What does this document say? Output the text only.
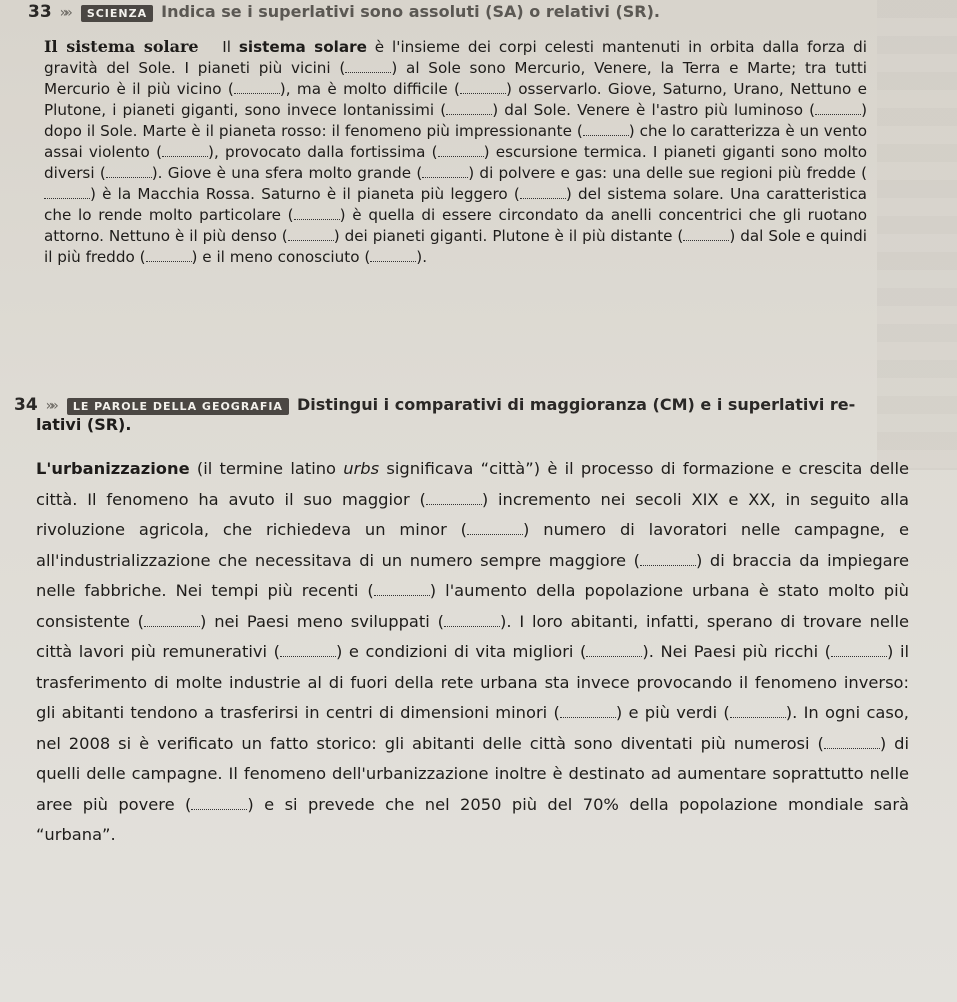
33 »»	SCIENZA Indica se i superlativi sono assoluti (SA) o relativi (SR).
Il sistema solare Il sistema solare è l'insieme dei corpi celesti mantenuti in orbita dalla forza di gravità del Sole. I pianeti più vicini (	) al Sole sono Mercurio, Venere, la Terra e Marte; tra tutti Mercurio è il più vicino (	), ma è molto difficile (	) osservarlo. Giove, Saturno, Urano, Nettuno e Plutone, i pianeti giganti, sono invece lontanissimi (	) dal Sole. Venere è l'astro più luminoso (	) dopo il Sole. Marte è il pianeta rosso: il fenomeno più impressionante (	) che lo caratterizza è un vento assai violento (	), provocato dalla fortissima (	) escursione termica. I pianeti giganti sono molto diversi (	). Giove è una sfera molto grande (	) di polvere e gas: una delle sue regioni più fredde () è la Macchia Rossa. Saturno è il pianeta più leggero (	) del sistema solare. Una caratteristica che lo rende molto particolare (	) è quella di essere circondato da anelli concentrici che gli ruotano attorno. Nettuno è il più denso (	) dei pianeti giganti. Plutone è il più distante (	) dal Sole e quindi il più freddo (	) e il meno conosciuto (	).
34 »»	LE PAROLE DELLA GEOGRAFIA Distingui i comparativi di maggioranza (CM) e i superlativi re-
lativi (SR).
L'urbanizzazione (il termine latino urbs significava “città”) è il processo di formazione e crescita delle città. Il fenomeno ha avuto il suo maggior (	) incremento nei secoli XIX e XX, in seguito alla rivoluzione agricola, che richiedeva un minor (	) numero di lavoratori nelle campagne, e all'industrializzazione che necessitava di un numero sempre maggiore (	) di braccia da impiegare nelle fabbriche. Nei tempi più recenti (	) l'aumento della popolazione urbana è stato molto più consistente (	) nei Paesi meno sviluppati (	). I loro abitanti, infatti, sperano di trovare nelle città lavori più remunerativi (	) e condizioni di vita migliori (	). Nei Paesi più ricchi (	) il trasferimento di molte industrie al di fuori della rete urbana sta invece provocando il fenomeno inverso: gli abitanti tendono a trasferirsi in centri di dimensioni minori (	) e più verdi (	). In ogni caso, nel 2008 si è verificato un fatto storico: gli abitanti delle città sono diventati più numerosi (	) di quelli delle campagne. Il fenomeno dell'urbanizzazione inoltre è destinato ad aumentare soprattutto nelle aree più povere (	) e si prevede che nel 2050 più del 70% della popolazione mondiale sarà “urbana”.
